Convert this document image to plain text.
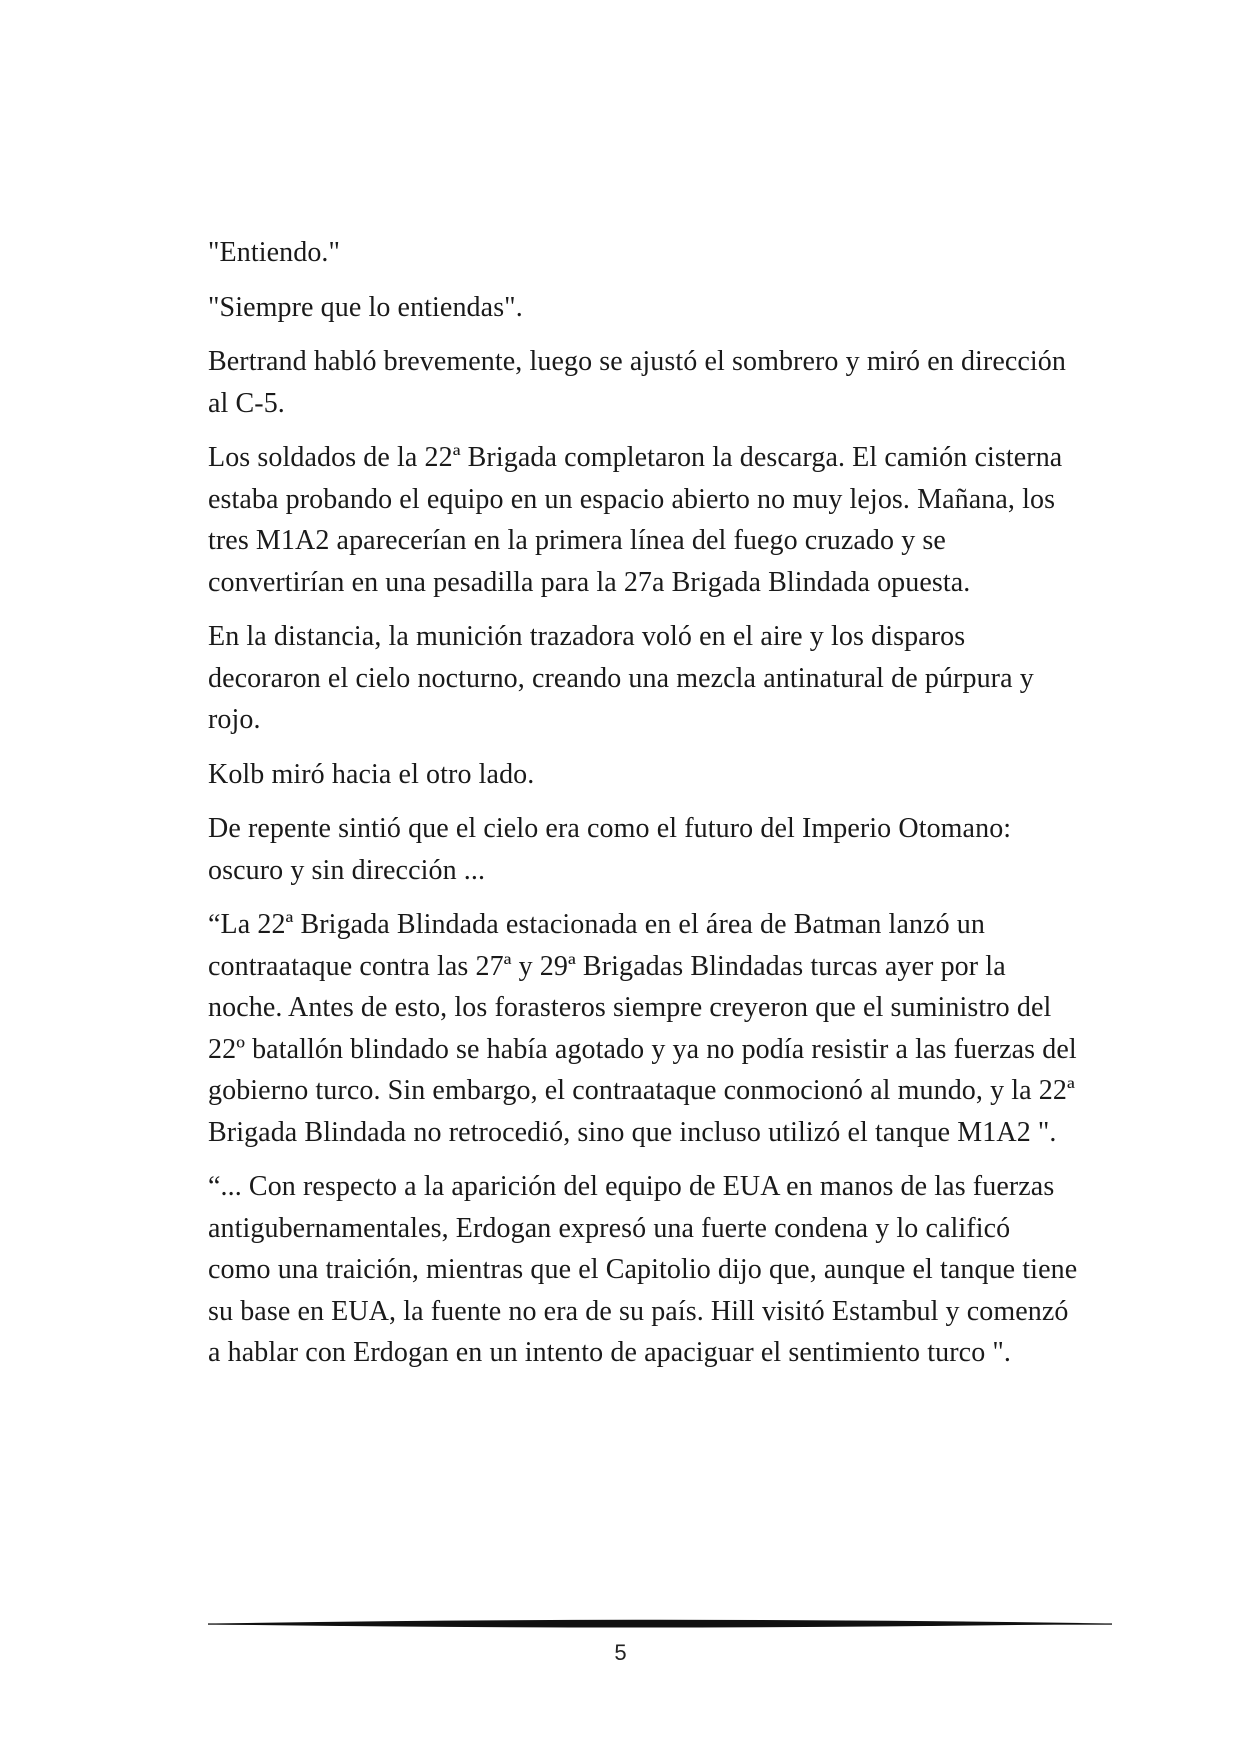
"Entiendo."

"Siempre que lo entiendas".

Bertrand habló brevemente, luego se ajustó el sombrero y miró en dirección al C-5.

Los soldados de la 22ª Brigada completaron la descarga. El camión cisterna estaba probando el equipo en un espacio abierto no muy lejos. Mañana, los tres M1A2 aparecerían en la primera línea del fuego cruzado y se convertirían en una pesadilla para la 27a Brigada Blindada opuesta.

En la distancia, la munición trazadora voló en el aire y los disparos decoraron el cielo nocturno, creando una mezcla antinatural de púrpura y rojo.

Kolb miró hacia el otro lado.

De repente sintió que el cielo era como el futuro del Imperio Otomano: oscuro y sin dirección ...

“La 22ª Brigada Blindada estacionada en el área de Batman lanzó un contraataque contra las 27ª y 29ª Brigadas Blindadas turcas ayer por la noche. Antes de esto, los forasteros siempre creyeron que el suministro del 22º batallón blindado se había agotado y ya no podía resistir a las fuerzas del gobierno turco. Sin embargo, el contraataque conmocionó al mundo, y la 22ª Brigada Blindada no retrocedió, sino que incluso utilizó el tanque M1A2 ".

“... Con respecto a la aparición del equipo de EUA en manos de las fuerzas antigubernamentales, Erdogan expresó una fuerte condena y lo calificó como una traición, mientras que el Capitolio dijo que, aunque el tanque tiene su base en EUA, la fuente no era de su país. Hill visitó Estambul y comenzó a hablar con Erdogan en un intento de apaciguar el sentimiento turco ".

5
